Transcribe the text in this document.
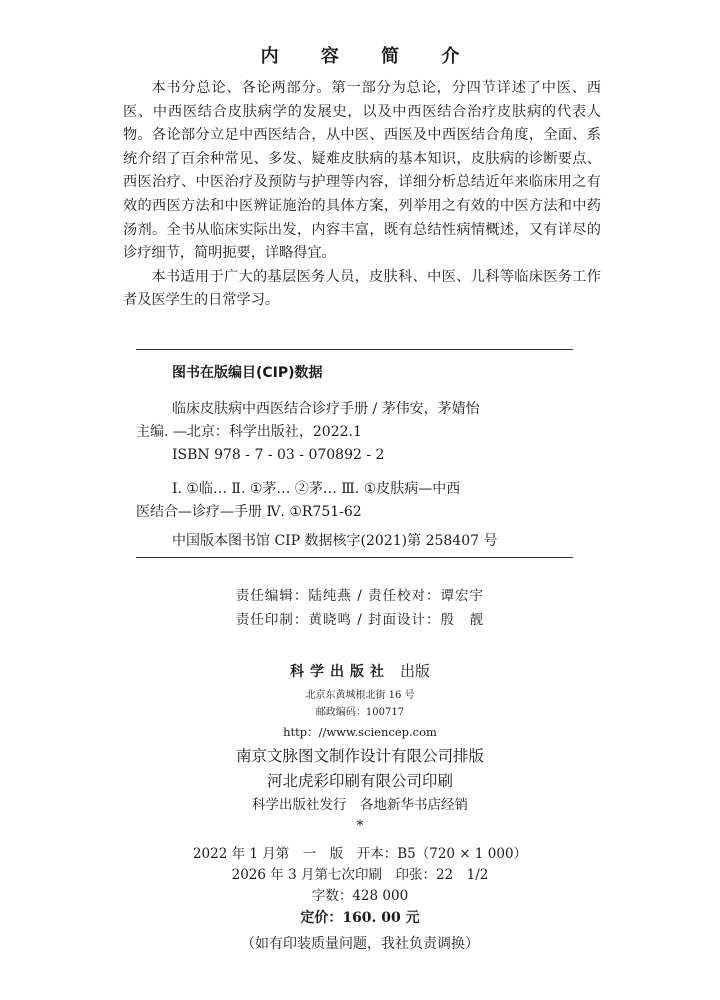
内 容 简 介

本书分总论、各论两部分。第一部分为总论，分四节详述了中医、西医、中西医结合皮肤病学的发展史，以及中西医结合治疗皮肤病的代表人物。各论部分立足中西医结合，从中医、西医及中西医结合角度，全面、系统介绍了百余种常见、多发、疑难皮肤病的基本知识，皮肤病的诊断要点、西医治疗、中医治疗及预防与护理等内容，详细分析总结近年来临床用之有效的西医方法和中医辨证施治的具体方案，列举用之有效的中医方法和中药汤剂。全书从临床实际出发，内容丰富，既有总结性病情概述，又有详尽的诊疗细节，简明扼要，详略得宜。

本书适用于广大的基层医务人员，皮肤科、中医、儿科等临床医务工作者及医学生的日常学习。

图书在版编目(CIP)数据
临床皮肤病中西医结合诊疗手册 / 茅伟安，茅婧怡
主编. —北京：科学出版社，2022.1
ISBN 978 - 7 - 03 - 070892 - 2
Ⅰ. ①临… Ⅱ. ①茅… ②茅… Ⅲ. ①皮肤病—中西
医结合—诊疗—手册 Ⅳ. ①R751-62
中国版本图书馆 CIP 数据核字(2021)第 258407 号
责任编辑：陆纯燕 / 责任校对：谭宏宇
责任印制：黄晓鸣 / 封面设计：殷　靓
科学出版社 出版
北京东黄城根北街 16 号
邮政编码：100717
http：//www.sciencep.com
南京文脉图文制作设计有限公司排版
河北虎彩印刷有限公司印刷
科学出版社发行　各地新华书店经销
*
2022 年 1 月第　一　版　开本：B5（720 × 1 000）
2026 年 3 月第七次印刷　印张：22　1/2
字数：428 000
定价：160. 00 元
（如有印装质量问题，我社负责调换）
